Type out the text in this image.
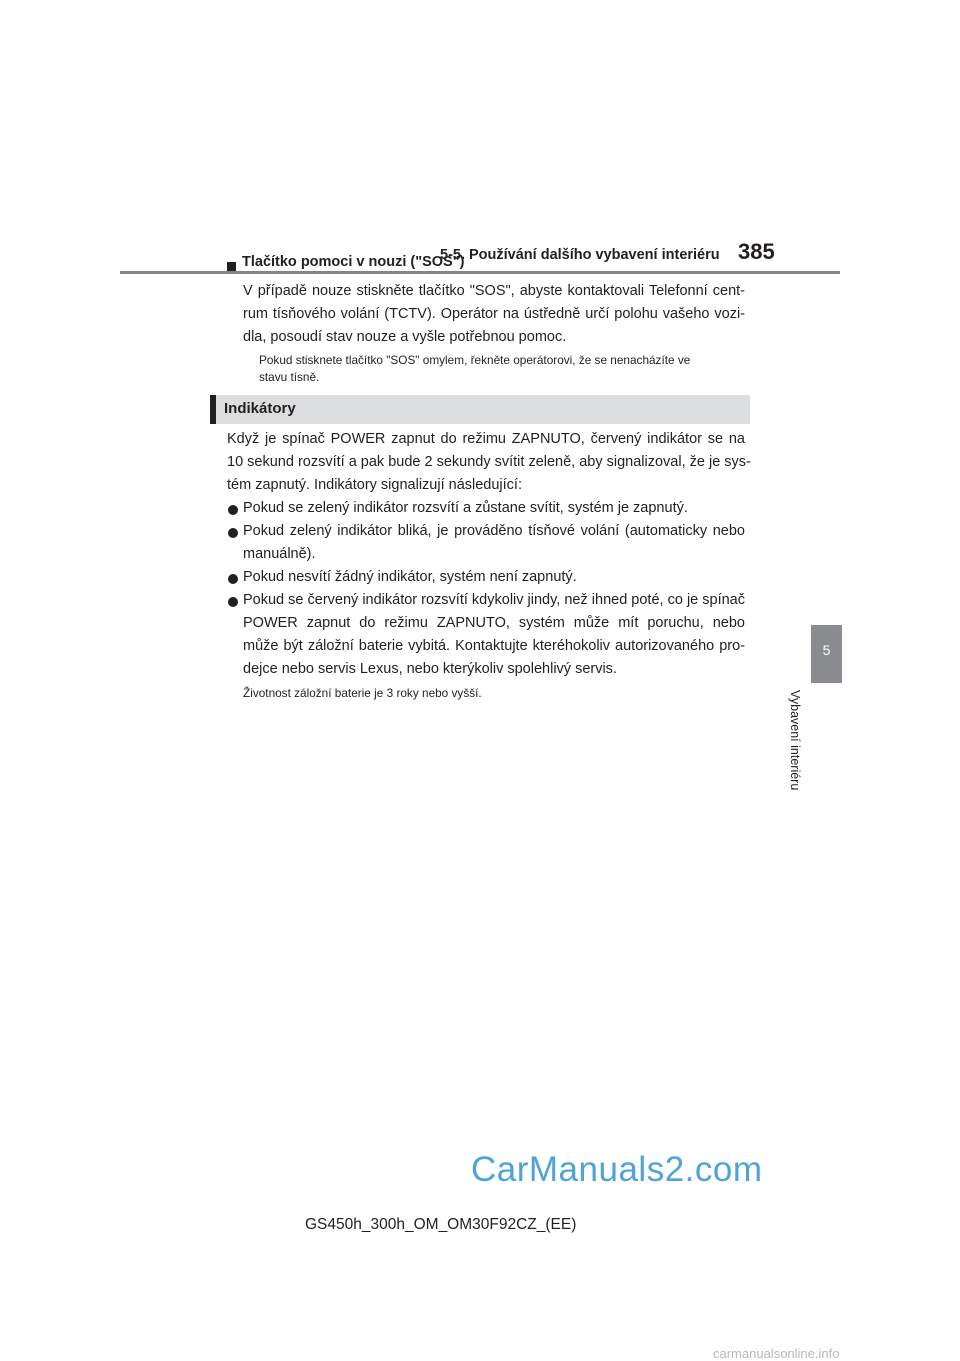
5-5. Používání dalšího vybavení interiéru 385
5
Vybavení interiéru
Tlačítko pomoci v nouzi ("SOS")
V případě nouze stiskněte tlačítko "SOS", abyste kontaktovali Telefonní cent-
rum tísňového volání (TCTV). Operátor na ústředně určí polohu vašeho vozi-
dla, posoudí stav nouze a vyšle potřebnou pomoc.
Pokud stisknete tlačítko "SOS" omylem, řekněte operátorovi, že se nenacházíte ve
stavu tísně.
Indikátory
Když je spínač POWER zapnut do režimu ZAPNUTO, červený indikátor se na
10 sekund rozsvítí a pak bude 2 sekundy svítit zeleně, aby signalizoval, že je sys-
tém zapnutý. Indikátory signalizují následující:
Pokud se zelený indikátor rozsvítí a zůstane svítit, systém je zapnutý.
Pokud zelený indikátor bliká, je prováděno tísňové volání (automaticky nebo
manuálně).
Pokud nesvítí žádný indikátor, systém není zapnutý.
Pokud se červený indikátor rozsvítí kdykoliv jindy, než ihned poté, co je spínač
POWER zapnut do režimu ZAPNUTO, systém může mít poruchu, nebo
může být záložní baterie vybitá. Kontaktujte kteréhokoliv autorizovaného pro-
dejce nebo servis Lexus, nebo kterýkoliv spolehlivý servis.
Životnost záložní baterie je 3 roky nebo vyšší.
CarManuals2.com
GS450h_300h_OM_OM30F92CZ_(EE)
carmanualsonline.info
